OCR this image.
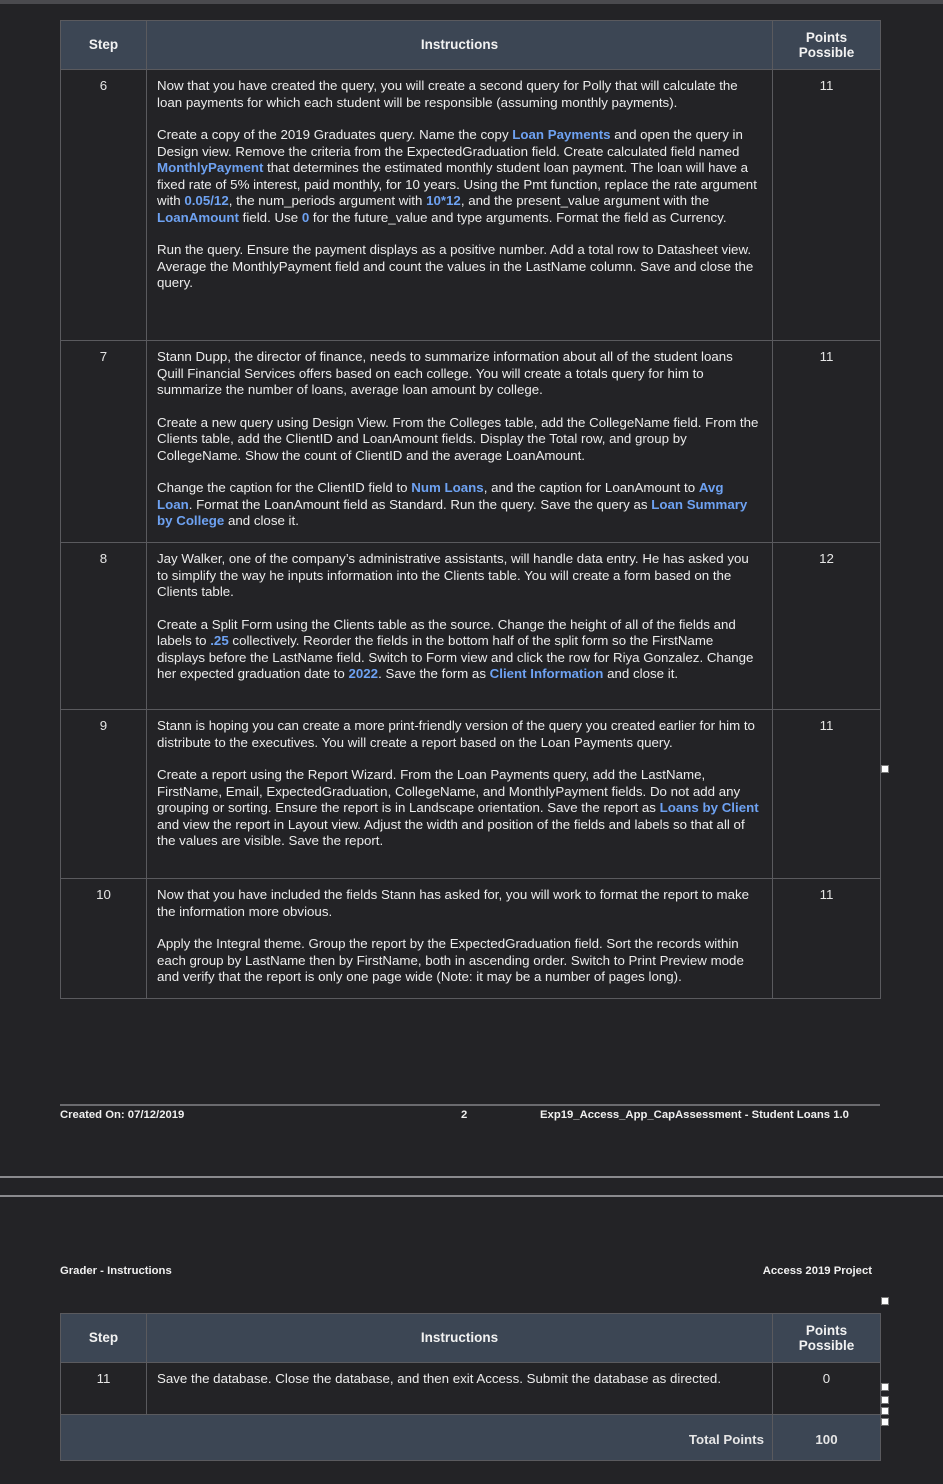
Step	Instructions	Points
Possible
6	Now that you have created the query, you will create a second query for Polly that will calculate the loan payments for which each student will be responsible (assuming monthly payments).

Create a copy of the 2019 Graduates query. Name the copy Loan Payments and open the query in Design view. Remove the criteria from the ExpectedGraduation field. Create calculated field named MonthlyPayment that determines the estimated monthly student loan payment. The loan will have a fixed rate of 5% interest, paid monthly, for 10 years. Using the Pmt function, replace the rate argument with 0.05/12, the num_periods argument with 10*12, and the present_value argument with the LoanAmount field. Use 0 for the future_value and type arguments. Format the field as Currency.

Run the query. Ensure the payment displays as a positive number. Add a total row to Datasheet view. Average the MonthlyPayment field and count the values in the LastName column. Save and close the query.	11
7	Stann Dupp, the director of finance, needs to summarize information about all of the student loans Quill Financial Services offers based on each college. You will create a totals query for him to summarize the number of loans, average loan amount by college.

Create a new query using Design View. From the Colleges table, add the CollegeName field. From the Clients table, add the ClientID and LoanAmount fields. Display the Total row, and group by CollegeName. Show the count of ClientID and the average LoanAmount.

Change the caption for the ClientID field to Num Loans, and the caption for LoanAmount to Avg Loan. Format the LoanAmount field as Standard. Run the query. Save the query as Loan Summary by College and close it.	11
8	Jay Walker, one of the company’s administrative assistants, will handle data entry. He has asked you to simplify the way he inputs information into the Clients table. You will create a form based on the Clients table.

Create a Split Form using the Clients table as the source. Change the height of all of the fields and labels to .25 collectively. Reorder the fields in the bottom half of the split form so the FirstName displays before the LastName field. Switch to Form view and click the row for Riya Gonzalez. Change her expected graduation date to 2022. Save the form as Client Information and close it.	12
9	Stann is hoping you can create a more print-friendly version of the query you created earlier for him to distribute to the executives. You will create a report based on the Loan Payments query.

Create a report using the Report Wizard. From the Loan Payments query, add the LastName, FirstName, Email, ExpectedGraduation, CollegeName, and MonthlyPayment fields. Do not add any grouping or sorting. Ensure the report is in Landscape orientation. Save the report as Loans by Client and view the report in Layout view. Adjust the width and position of the fields and labels so that all of the values are visible. Save the report.	11
10	Now that you have included the fields Stann has asked for, you will work to format the report to make the information more obvious.

Apply the Integral theme. Group the report by the ExpectedGraduation field. Sort the records within each group by LastName then by FirstName, both in ascending order. Switch to Print Preview mode and verify that the report is only one page wide (Note: it may be a number of pages long).	11
Created On: 07/12/2019	2	Exp19_Access_App_CapAssessment - Student Loans 1.0
Grader - Instructions	Access 2019 Project
Step	Instructions	Points
Possible
11	Save the database. Close the database, and then exit Access. Submit the database as directed.	0
Total Points		100
